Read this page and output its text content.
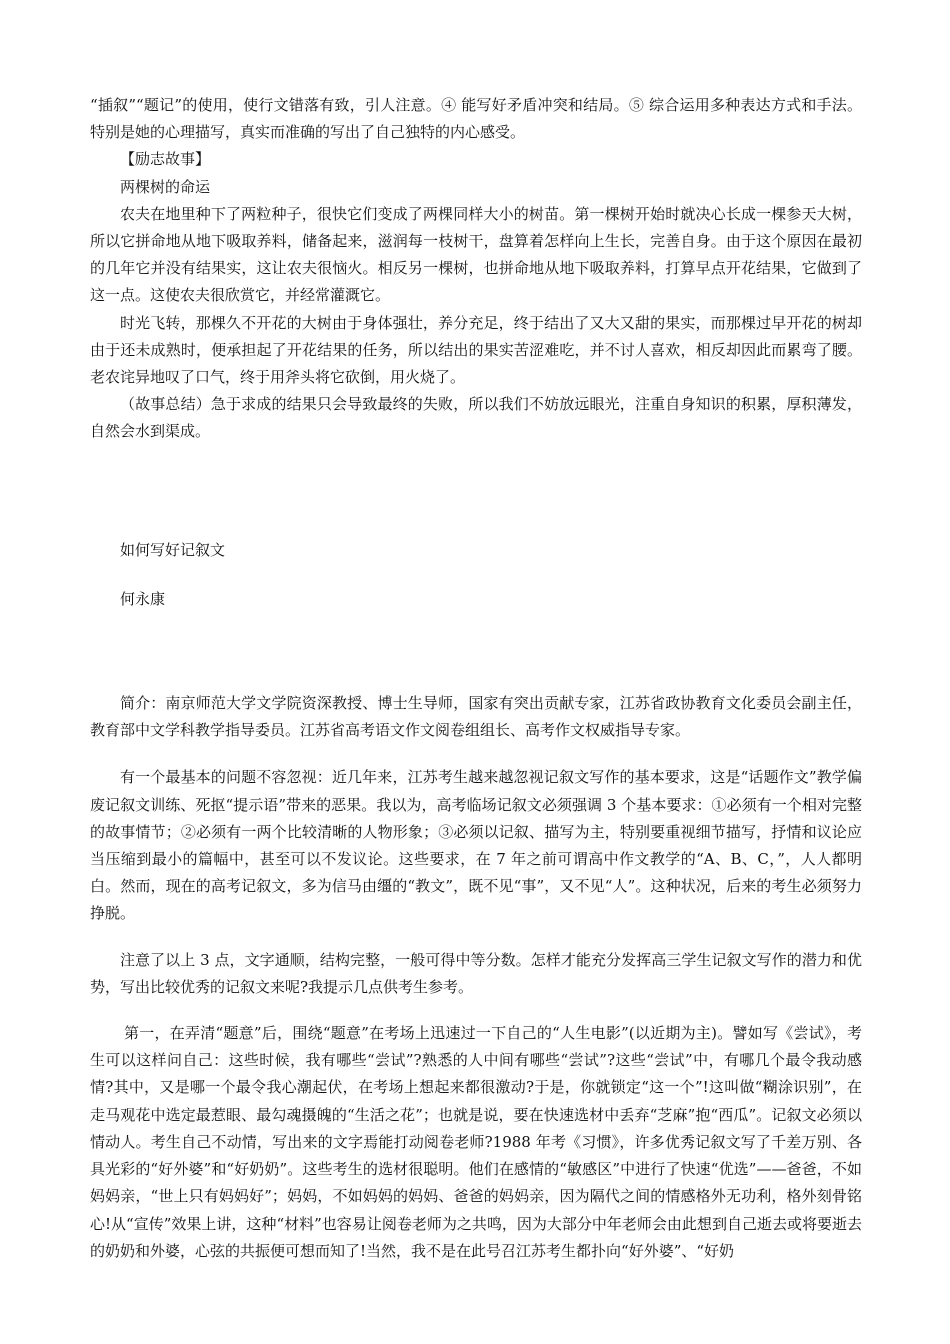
“插叙”“题记”的使用，使行文错落有致，引人注意。④ 能写好矛盾冲突和结局。⑤ 综合运用多种表达方式和手法。特别是她的心理描写，真实而准确的写出了自己独特的内心感受。

【励志故事】

两棵树的命运

农夫在地里种下了两粒种子，很快它们变成了两棵同样大小的树苗。第一棵树开始时就决心长成一棵参天大树，所以它拼命地从地下吸取养料，储备起来，滋润每一枝树干，盘算着怎样向上生长，完善自身。由于这个原因在最初的几年它并没有结果实，这让农夫很恼火。相反另一棵树，也拼命地从地下吸取养料，打算早点开花结果，它做到了这一点。这使农夫很欣赏它，并经常灌溉它。

时光飞转，那棵久不开花的大树由于身体强壮，养分充足，终于结出了又大又甜的果实，而那棵过早开花的树却由于还未成熟时，便承担起了开花结果的任务，所以结出的果实苦涩难吃，并不讨人喜欢，相反却因此而累弯了腰。老农诧异地叹了口气，终于用斧头将它砍倒，用火烧了。

（故事总结）急于求成的结果只会导致最终的失败，所以我们不妨放远眼光，注重自身知识的积累，厚积薄发，自然会水到渠成。

如何写好记叙文

何永康

简介：南京师范大学文学院资深教授、博士生导师，国家有突出贡献专家，江苏省政协教育文化委员会副主任，教育部中文学科教学指导委员。江苏省高考语文作文阅卷组组长、高考作文权威指导专家。

有一个最基本的问题不容忽视：近几年来，江苏考生越来越忽视记叙文写作的基本要求，这是“话题作文”教学偏废记叙文训练、死抠“提示语”带来的恶果。我以为，高考临场记叙文必须强调 3 个基本要求：①必须有一个相对完整的故事情节；②必须有一两个比较清晰的人物形象；③必须以记叙、描写为主，特别要重视细节描写，抒情和议论应当压缩到最小的篇幅中，甚至可以不发议论。这些要求，在 7 年之前可谓高中作文教学的“A、B、C，”，人人都明白。然而，现在的高考记叙文，多为信马由缰的“教文”，既不见“事”，又不见“人”。这种状况，后来的考生必须努力挣脱。

注意了以上 3 点，文字通顺，结构完整，一般可得中等分数。怎样才能充分发挥高三学生记叙文写作的潜力和优势，写出比较优秀的记叙文来呢?我提示几点供考生参考。

第一，在弄清“题意”后，围绕“题意”在考场上迅速过一下自己的“人生电影”(以近期为主)。譬如写《尝试》，考生可以这样问自己：这些时候，我有哪些“尝试”?熟悉的人中间有哪些“尝试”?这些“尝试”中，有哪几个最令我动感情?其中，又是哪一个最令我心潮起伏，在考场上想起来都很激动?于是，你就锁定“这一个”!这叫做“糊涂识别”，在走马观花中选定最惹眼、最勾魂摄魄的“生活之花”；也就是说，要在快速选材中丢弃“芝麻”抱“西瓜”。记叙文必须以情动人。考生自己不动情，写出来的文字焉能打动阅卷老师?1988 年考《习惯》，许多优秀记叙文写了千差万别、各具光彩的“好外婆”和“好奶奶”。这些考生的选材很聪明。他们在感情的“敏感区”中进行了快速“优选”——爸爸，不如妈妈亲，“世上只有妈妈好”；妈妈，不如妈妈的妈妈、爸爸的妈妈亲，因为隔代之间的情感格外无功利，格外刻骨铭心!从“宣传”效果上讲，这种“材料”也容易让阅卷老师为之共鸣，因为大部分中年老师会由此想到自己逝去或将要逝去的奶奶和外婆，心弦的共振便可想而知了!当然，我不是在此号召江苏考生都扑向“好外婆”、“好奶
